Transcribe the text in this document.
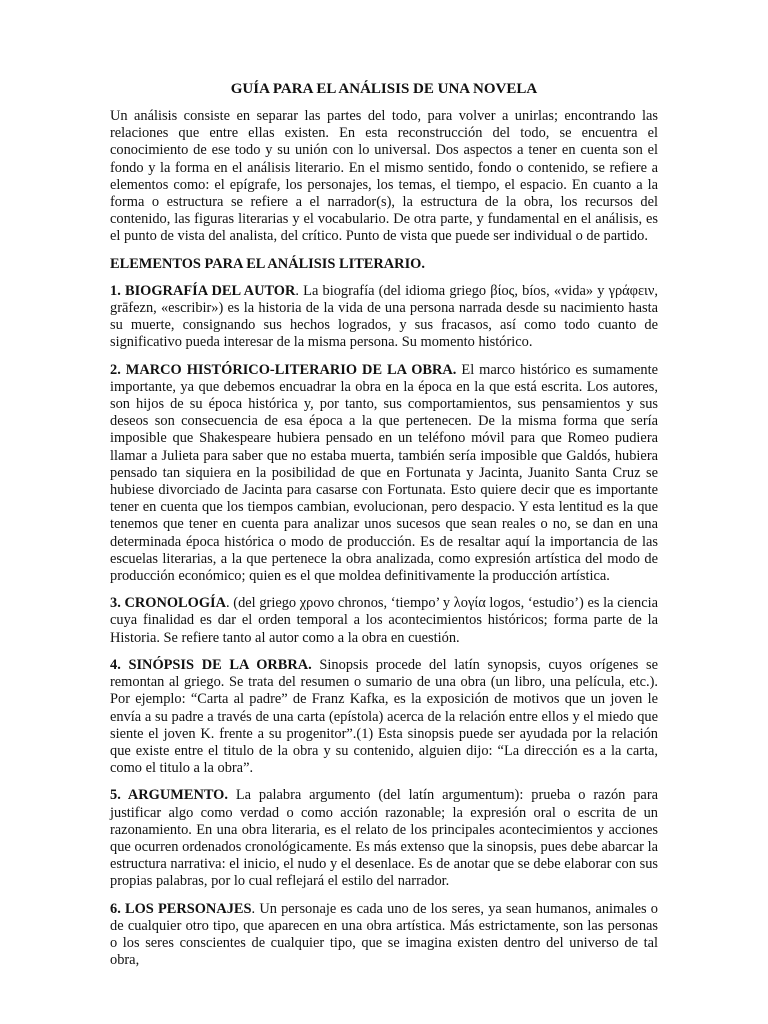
GUÍA PARA EL ANÁLISIS DE UNA NOVELA

Un análisis consiste en separar las partes del todo, para volver a unirlas; encontrando las relaciones que entre ellas existen. En esta reconstrucción del todo, se encuentra el conocimiento de ese todo y su unión con lo universal. Dos aspectos a tener en cuenta son el fondo y la forma en el análisis literario. En el mismo sentido, fondo o contenido, se refiere a elementos como: el epígrafe, los personajes, los temas, el tiempo, el espacio. En cuanto a la forma o estructura se refiere a el narrador(s), la estructura de la obra, los recursos del contenido, las figuras literarias y el vocabulario. De otra parte, y fundamental en el análisis, es el punto de vista del analista, del crítico. Punto de vista que puede ser individual o de partido.

ELEMENTOS PARA EL ANÁLISIS LITERARIO.

1. BIOGRAFÍA DEL AUTOR. La biografía (del idioma griego βίος, bíos, «vida» y γράφειν, grāfezn, «escribir») es la historia de la vida de una persona narrada desde su nacimiento hasta su muerte, consignando sus hechos logrados, y sus fracasos, así como todo cuanto de significativo pueda interesar de la misma persona. Su momento histórico.

2. MARCO HISTÓRICO-LITERARIO DE LA OBRA. El marco histórico es sumamente importante, ya que debemos encuadrar la obra en la época en la que está escrita. Los autores, son hijos de su época histórica y, por tanto, sus comportamientos, sus pensamientos y sus deseos son consecuencia de esa época a la que pertenecen. De la misma forma que sería imposible que Shakespeare hubiera pensado en un teléfono móvil para que Romeo pudiera llamar a Julieta para saber que no estaba muerta, también sería imposible que Galdós, hubiera pensado tan siquiera en la posibilidad de que en Fortunata y Jacinta, Juanito Santa Cruz se hubiese divorciado de Jacinta para casarse con Fortunata. Esto quiere decir que es importante tener en cuenta que los tiempos cambian, evolucionan, pero despacio. Y esta lentitud es la que tenemos que tener en cuenta para analizar unos sucesos que sean reales o no, se dan en una determinada época histórica o modo de producción. Es de resaltar aquí la importancia de las escuelas literarias, a la que pertenece la obra analizada, como expresión artística del modo de producción económico; quien es el que moldea definitivamente la producción artística.

3. CRONOLOGÍA. (del griego χρονο chronos, ‘tiempo’ y λογία logos, ‘estudio’) es la ciencia cuya finalidad es dar el orden temporal a los acontecimientos históricos; forma parte de la Historia. Se refiere tanto al autor como a la obra en cuestión.

4. SINÓPSIS DE LA ORBRA. Sinopsis procede del latín synopsis, cuyos orígenes se remontan al griego. Se trata del resumen o sumario de una obra (un libro, una película, etc.). Por ejemplo: “Carta al padre” de Franz Kafka, es la exposición de motivos que un joven le envía a su padre a través de una carta (epístola) acerca de la relación entre ellos y el miedo que siente el joven K. frente a su progenitor”.(1) Esta sinopsis puede ser ayudada por la relación que existe entre el titulo de la obra y su contenido, alguien dijo: “La dirección es a la carta, como el titulo a la obra”.

5. ARGUMENTO. La palabra argumento (del latín argumentum): prueba o razón para justificar algo como verdad o como acción razonable; la expresión oral o escrita de un razonamiento. En una obra literaria, es el relato de los principales acontecimientos y acciones que ocurren ordenados cronológicamente. Es más extenso que la sinopsis, pues debe abarcar la estructura narrativa: el inicio, el nudo y el desenlace. Es de anotar que se debe elaborar con sus propias palabras, por lo cual reflejará el estilo del narrador.

6. LOS PERSONAJES. Un personaje es cada uno de los seres, ya sean humanos, animales o de cualquier otro tipo, que aparecen en una obra artística. Más estrictamente, son las personas o los seres conscientes de cualquier tipo, que se imagina existen dentro del universo de tal obra,
